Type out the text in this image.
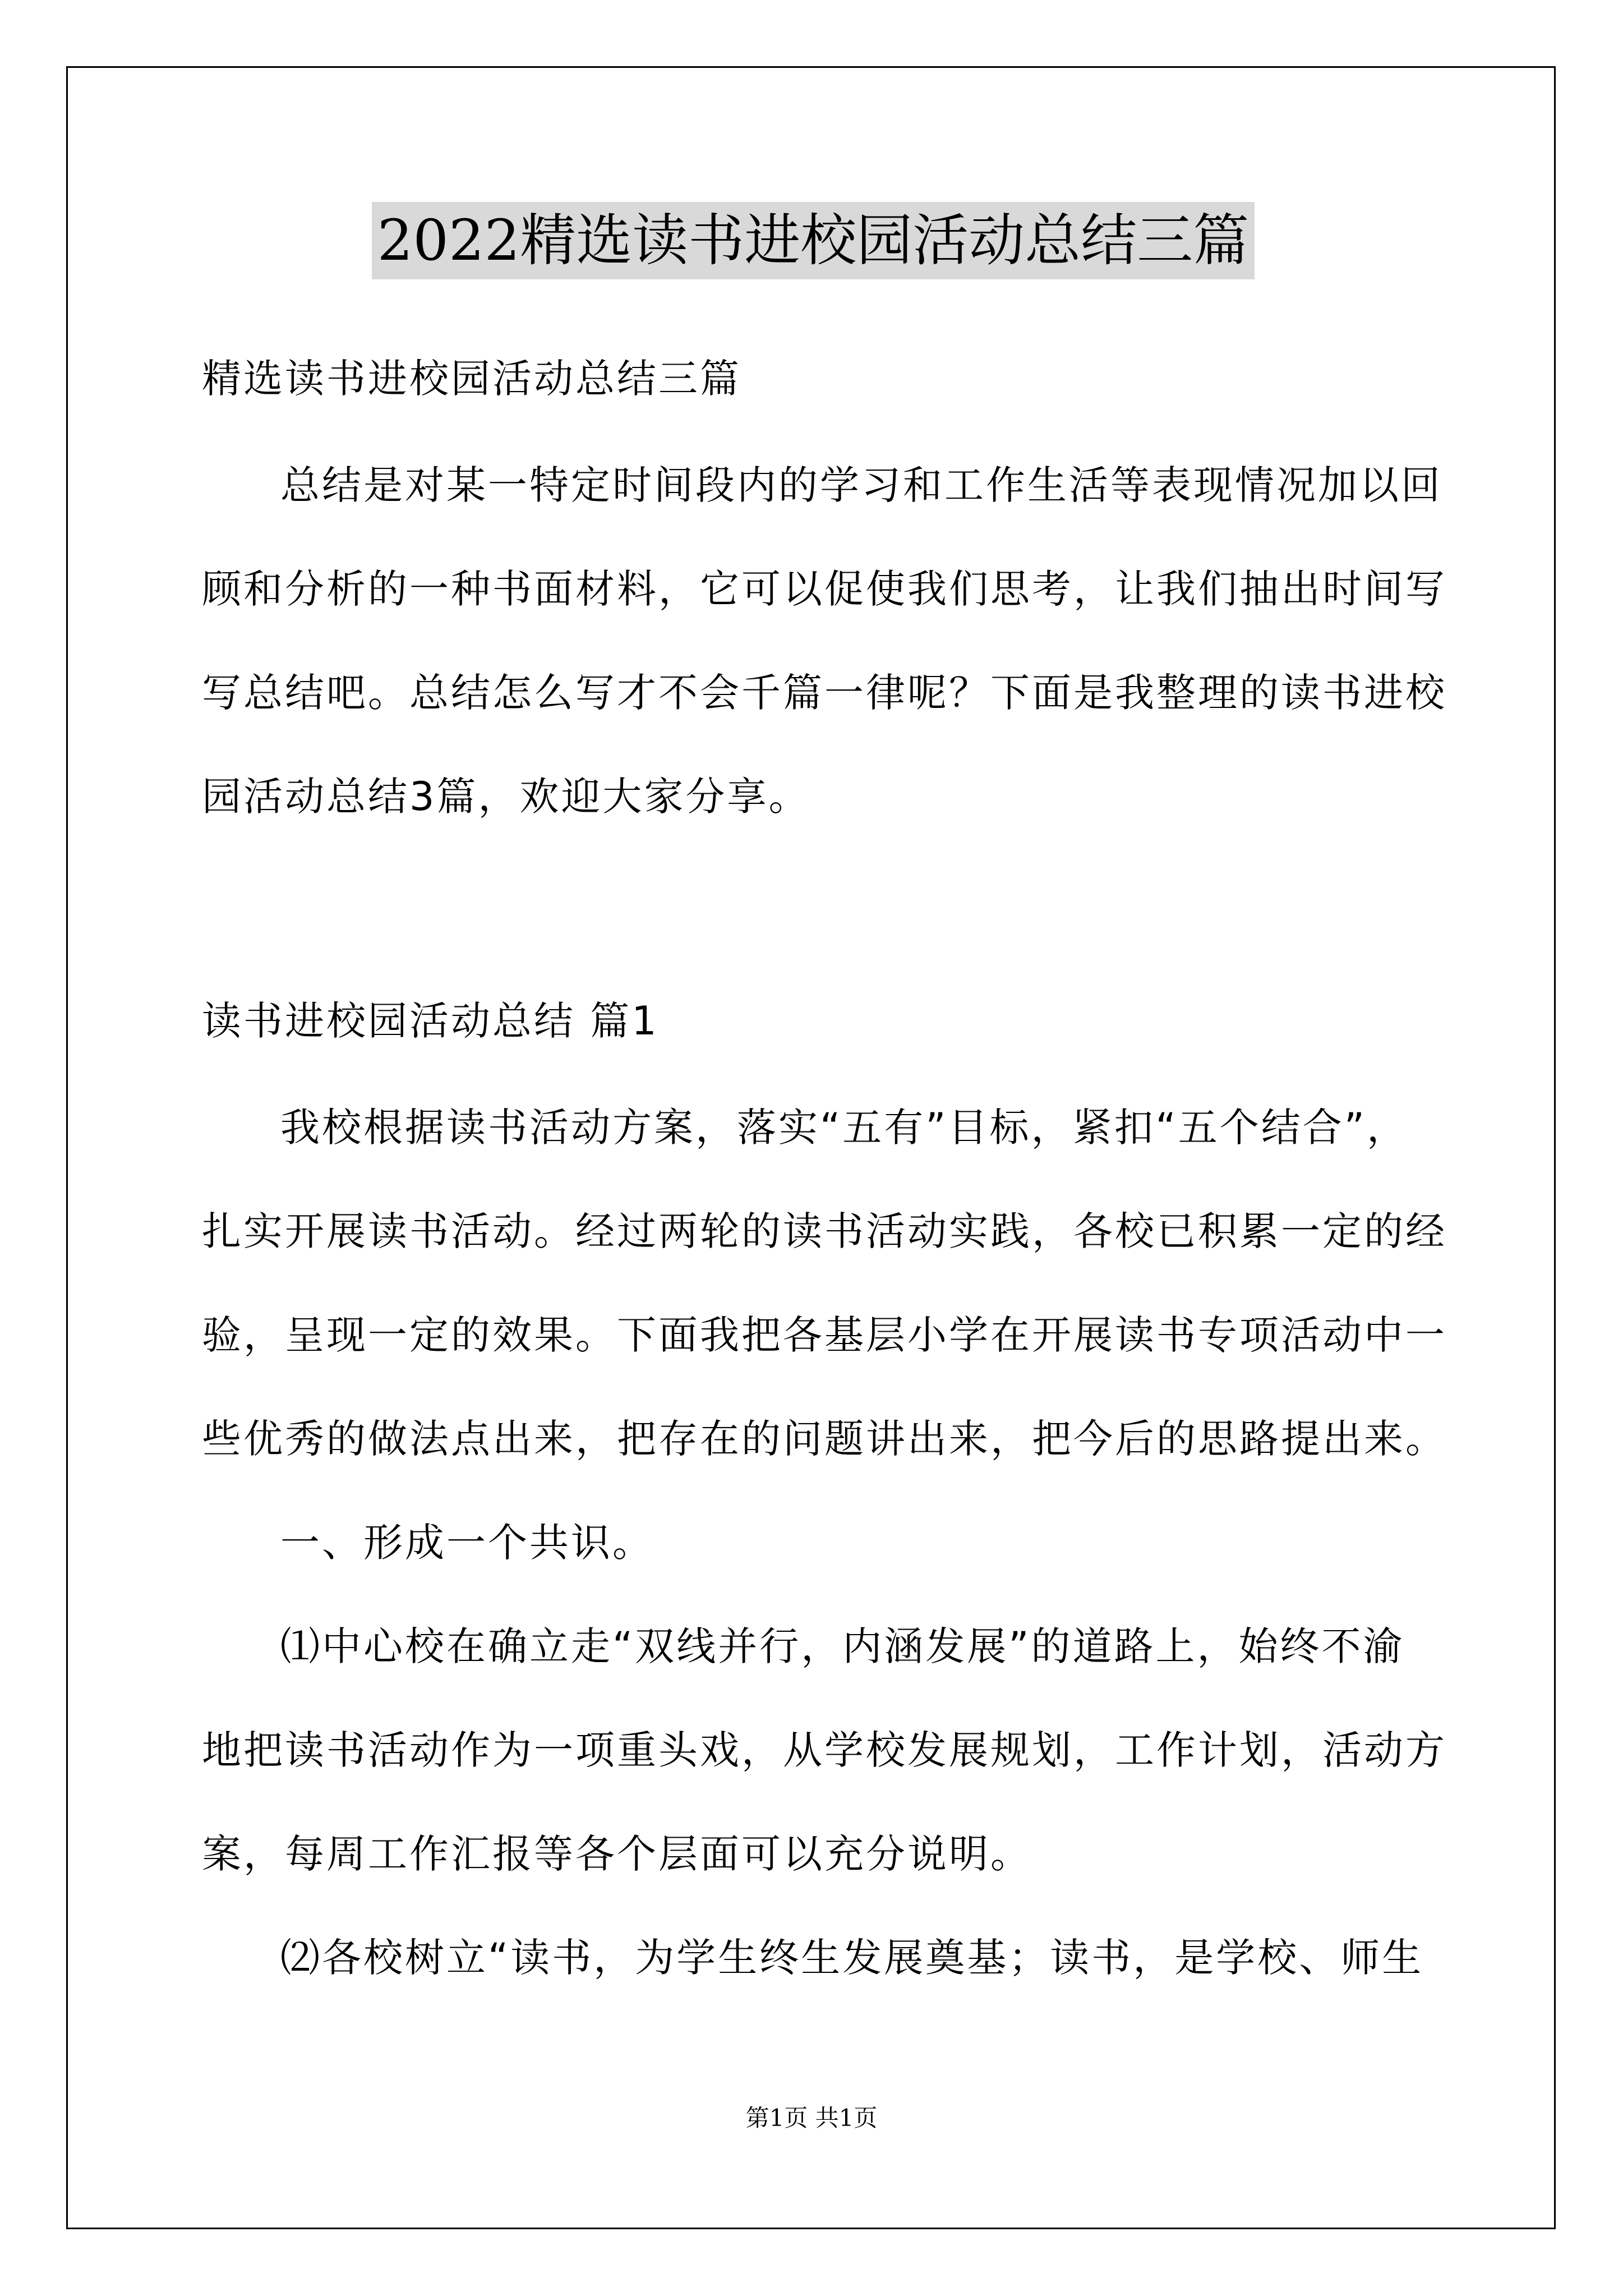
2022精选读书进校园活动总结三篇
精选读书进校园活动总结三篇
总结是对某一特定时间段内的学习和工作生活等表现情况加以回
顾和分析的一种书面材料，它可以促使我们思考，让我们抽出时间写
写总结吧。总结怎么写才不会千篇一律呢？下面是我整理的读书进校
园活动总结3篇，欢迎大家分享。
读书进校园活动总结 篇1
我校根据读书活动方案，落实“五有”目标，紧扣“五个结合”，
扎实开展读书活动。经过两轮的读书活动实践，各校已积累一定的经
验，呈现一定的效果。下面我把各基层小学在开展读书专项活动中一
些优秀的做法点出来，把存在的问题讲出来，把今后的思路提出来。
一、形成一个共识。
⑴中心校在确立走“双线并行，内涵发展”的道路上，始终不渝
地把读书活动作为一项重头戏，从学校发展规划，工作计划，活动方
案，每周工作汇报等各个层面可以充分说明。
⑵各校树立“读书，为学生终生发展奠基；读书，是学校、师生
第1页 共1页
